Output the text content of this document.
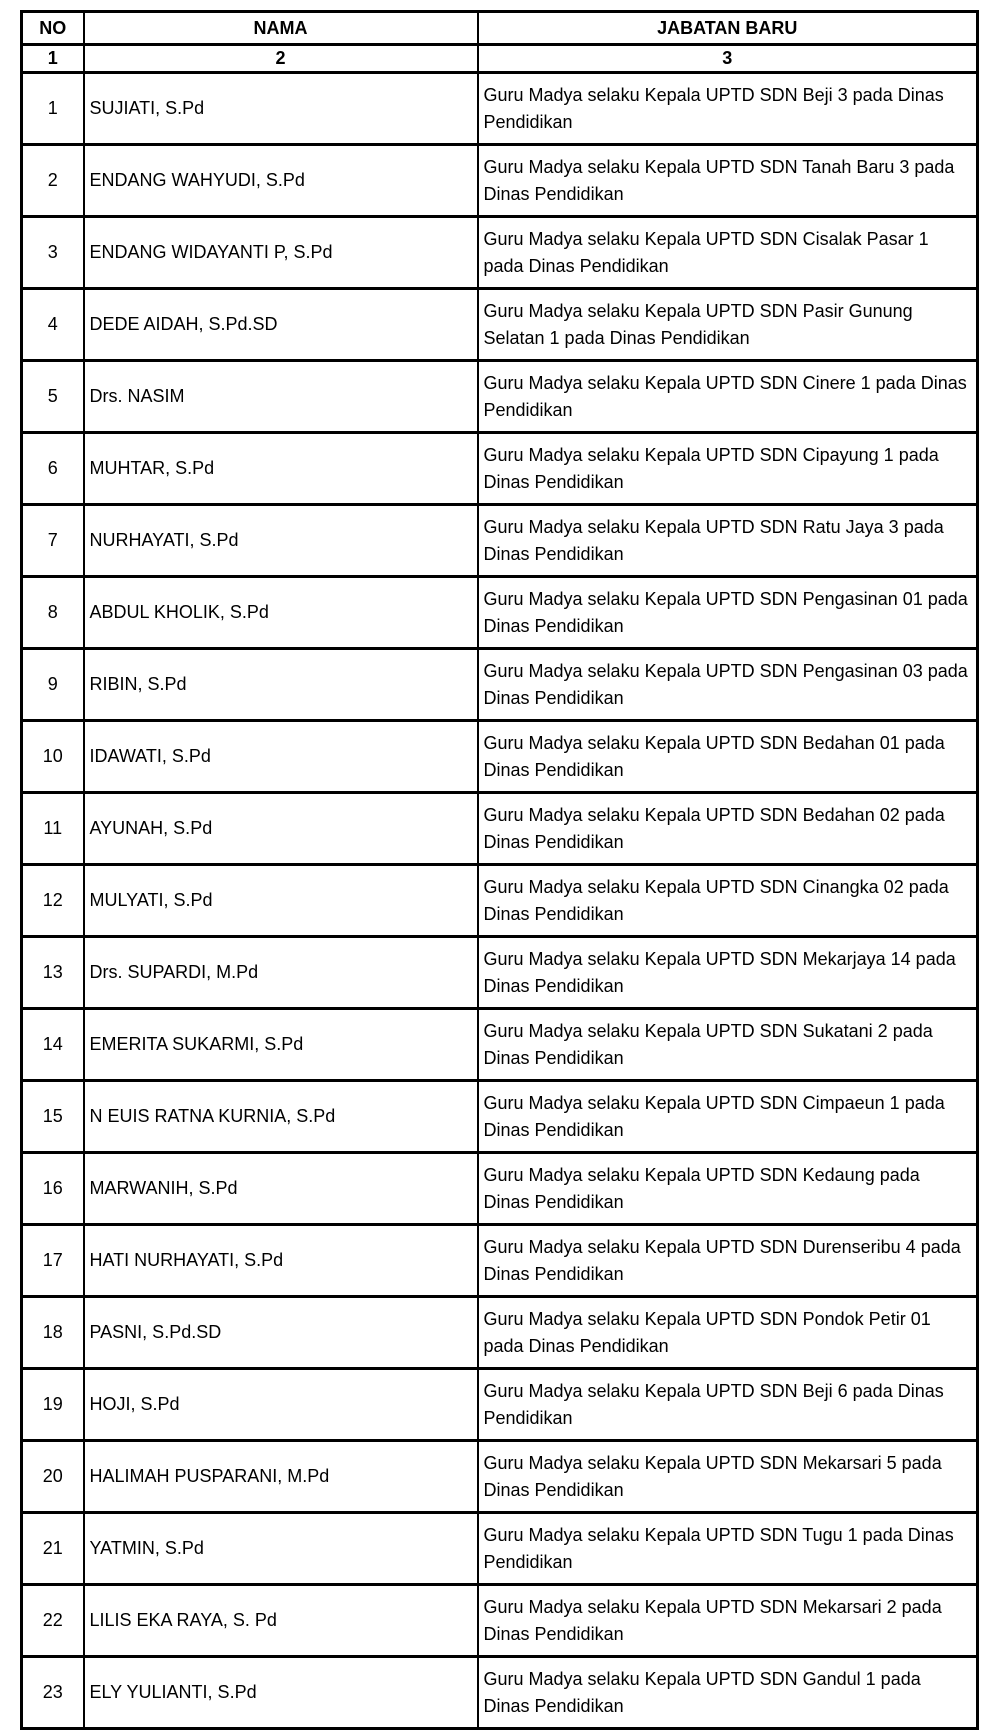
NO	NAMA	JABATAN BARU
1	2	3
1	SUJIATI, S.Pd	Guru Madya selaku Kepala UPTD SDN Beji 3 pada Dinas Pendidikan
2	ENDANG WAHYUDI, S.Pd	Guru Madya selaku Kepala UPTD SDN Tanah Baru 3 pada Dinas Pendidikan
3	ENDANG WIDAYANTI P, S.Pd	Guru Madya selaku Kepala UPTD SDN Cisalak Pasar 1 pada Dinas Pendidikan
4	DEDE AIDAH, S.Pd.SD	Guru Madya selaku Kepala UPTD SDN Pasir Gunung Selatan 1 pada Dinas Pendidikan
5	Drs. NASIM	Guru Madya selaku Kepala UPTD SDN Cinere 1 pada Dinas Pendidikan
6	MUHTAR, S.Pd	Guru Madya selaku Kepala UPTD SDN Cipayung 1 pada Dinas Pendidikan
7	NURHAYATI, S.Pd	Guru Madya selaku Kepala UPTD SDN Ratu Jaya 3 pada Dinas Pendidikan
8	ABDUL KHOLIK, S.Pd	Guru Madya selaku Kepala UPTD SDN Pengasinan 01 pada Dinas Pendidikan
9	RIBIN, S.Pd	Guru Madya selaku Kepala UPTD SDN Pengasinan 03 pada Dinas Pendidikan
10	IDAWATI, S.Pd	Guru Madya selaku Kepala UPTD SDN Bedahan 01 pada Dinas Pendidikan
11	AYUNAH, S.Pd	Guru Madya selaku Kepala UPTD SDN Bedahan 02 pada Dinas Pendidikan
12	MULYATI, S.Pd	Guru Madya selaku Kepala UPTD SDN Cinangka 02 pada Dinas Pendidikan
13	Drs. SUPARDI, M.Pd	Guru Madya selaku Kepala UPTD SDN Mekarjaya 14 pada Dinas Pendidikan
14	EMERITA SUKARMI, S.Pd	Guru Madya selaku Kepala UPTD SDN Sukatani 2 pada Dinas Pendidikan
15	N EUIS RATNA KURNIA, S.Pd	Guru Madya selaku Kepala UPTD SDN Cimpaeun 1 pada Dinas Pendidikan
16	MARWANIH, S.Pd	Guru Madya selaku Kepala UPTD SDN Kedaung pada Dinas Pendidikan
17	HATI NURHAYATI, S.Pd	Guru Madya selaku Kepala UPTD SDN Durenseribu 4 pada Dinas Pendidikan
18	PASNI, S.Pd.SD	Guru Madya selaku Kepala UPTD SDN Pondok Petir 01 pada Dinas Pendidikan
19	HOJI, S.Pd	Guru Madya selaku Kepala UPTD SDN Beji 6 pada Dinas Pendidikan
20	HALIMAH PUSPARANI, M.Pd	Guru Madya selaku Kepala UPTD SDN Mekarsari 5 pada Dinas Pendidikan
21	YATMIN, S.Pd	Guru Madya selaku Kepala UPTD SDN Tugu 1 pada Dinas Pendidikan
22	LILIS EKA RAYA, S. Pd	Guru Madya selaku Kepala UPTD SDN Mekarsari 2 pada Dinas Pendidikan
23	ELY YULIANTI, S.Pd	Guru Madya selaku Kepala UPTD SDN Gandul 1 pada Dinas Pendidikan
